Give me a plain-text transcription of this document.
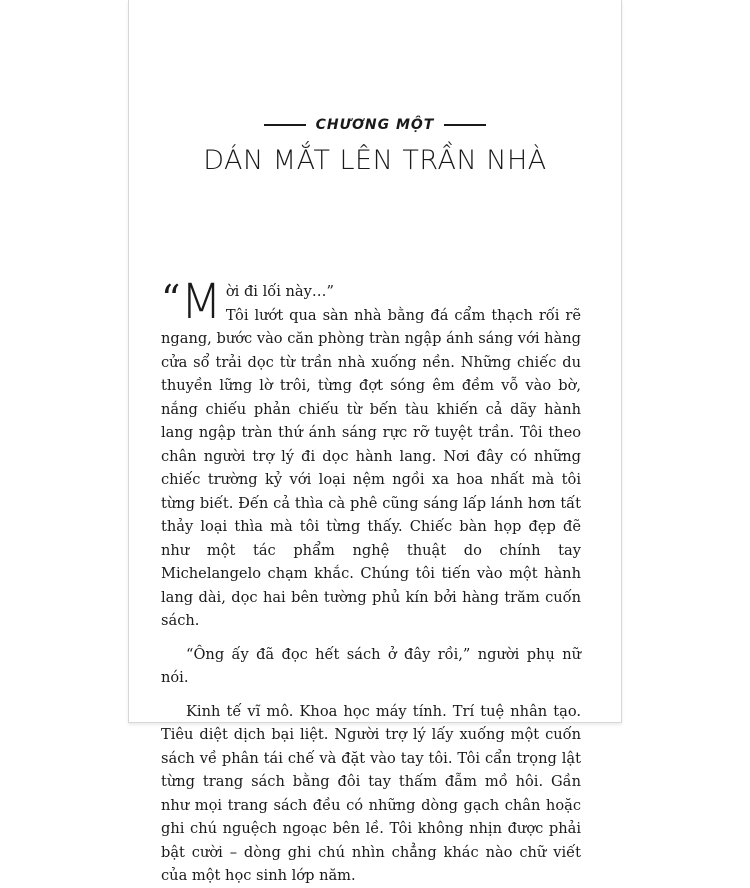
CHƯƠNG MỘT
DÁN MẮT LÊN TRẦN NHÀ
“ M ời đi lối này…”

Tôi lướt qua sàn nhà bằng đá cẩm thạch rối rẽ ngang, bước vào căn phòng tràn ngập ánh sáng với hàng cửa sổ trải dọc từ trần nhà xuống nền. Những chiếc du thuyền lững lờ trôi, từng đợt sóng êm đềm vỗ vào bờ, nắng chiếu phản chiếu từ bến tàu khiến cả dãy hành lang ngập tràn thứ ánh sáng rực rỡ tuyệt trần. Tôi theo chân người trợ lý đi dọc hành lang. Nơi đây có những chiếc trường kỷ với loại nệm ngồi xa hoa nhất mà tôi từng biết. Đến cả thìa cà phê cũng sáng lấp lánh hơn tất thảy loại thìa mà tôi từng thấy. Chiếc bàn họp đẹp đẽ như một tác phẩm nghệ thuật do chính tay Michelangelo chạm khắc. Chúng tôi tiến vào một hành lang dài, dọc hai bên tường phủ kín bởi hàng trăm cuốn sách.

“Ông ấy đã đọc hết sách ở đây rồi,” người phụ nữ nói.

Kinh tế vĩ mô. Khoa học máy tính. Trí tuệ nhân tạo. Tiêu diệt dịch bại liệt. Người trợ lý lấy xuống một cuốn sách về phân tái chế và đặt vào tay tôi. Tôi cẩn trọng lật từng trang sách bằng đôi tay thấm đẫm mồ hôi. Gần như mọi trang sách đều có những dòng gạch chân hoặc ghi chú nguệch ngoạc bên lề. Tôi không nhịn được phải bật cười – dòng ghi chú nhìn chẳng khác nào chữ viết của một học sinh lớp năm.
